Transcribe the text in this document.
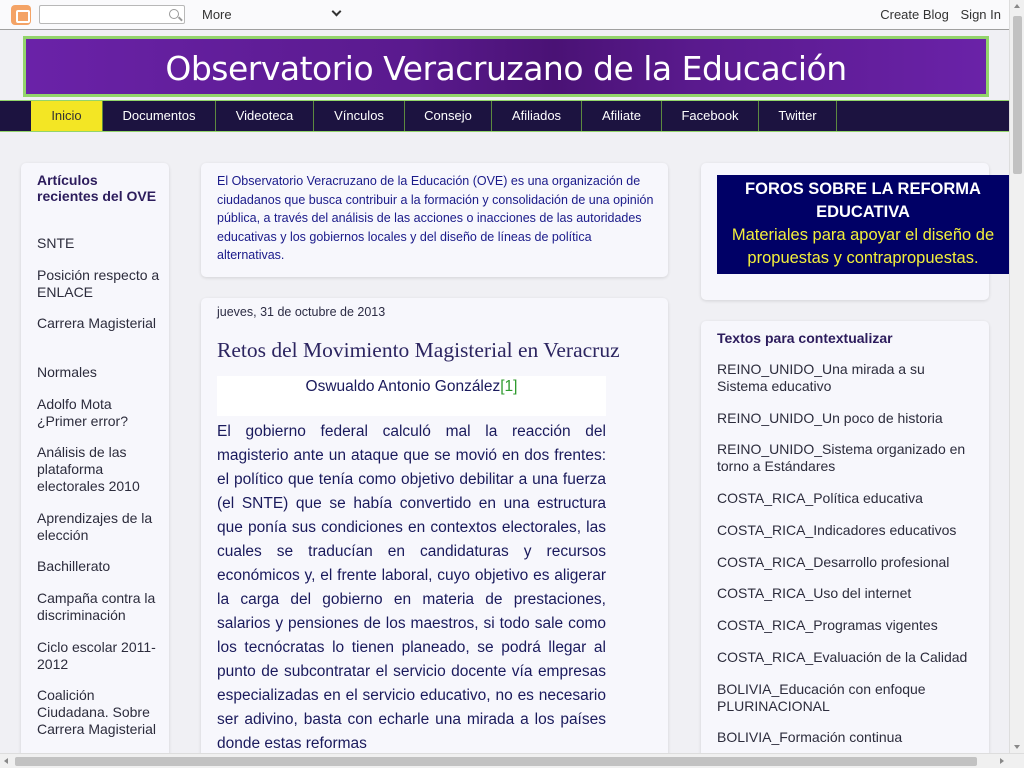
More	Create Blog Sign In
Observatorio Veracruzano de la Educación
Inicio	Documentos	Videoteca	Vínculos	Consejo	Afiliados	Afiliate	Facebook	Twitter
Artículos recientes del OVE
SNTE
Posición respecto a ENLACE
Carrera Magisterial
Normales
Adolfo Mota ¿Primer error?
Análisis de las plataforma electorales 2010
Aprendizajes de la elección
Bachillerato
Campaña contra la discriminación
Ciclo escolar 2011-2012
Coalición Ciudadana. Sobre Carrera Magisterial

El Observatorio Veracruzano de la Educación (OVE) es una organización de ciudadanos que busca contribuir a la formación y consolidación de una opinión pública, a través del análisis de las acciones o inacciones de las autoridades educativas y los gobiernos locales y del diseño de líneas de política alternativas.

jueves, 31 de octubre de 2013
Retos del Movimiento Magisterial en Veracruz
Oswualdo Antonio González[1]
El gobierno federal calculó mal la reacción del magisterio ante un ataque que se movió en dos frentes: el político que tenía como objetivo debilitar a una fuerza (el SNTE) que se había convertido en una estructura que ponía sus condiciones en contextos electorales, las cuales se traducían en candidaturas y recursos económicos y, el frente laboral, cuyo objetivo es aligerar la carga del gobierno en materia de prestaciones, salarios y pensiones de los maestros, si todo sale como los tecnócratas lo tienen planeado, se podrá llegar al punto de subcontratar el servicio docente vía empresas especializadas en el servicio educativo, no es necesario ser adivino, basta con echarle una mirada a los países donde estas reformas
FOROS SOBRE LA REFORMA EDUCATIVA
Materiales para apoyar el diseño de propuestas y contrapropuestas.
Textos para contextualizar
REINO_UNIDO_Una mirada a su Sistema educativo
REINO_UNIDO_Un poco de historia
REINO_UNIDO_Sistema organizado en torno a Estándares
COSTA_RICA_Política educativa
COSTA_RICA_Indicadores educativos
COSTA_RICA_Desarrollo profesional
COSTA_RICA_Uso del internet
COSTA_RICA_Programas vigentes
COSTA_RICA_Evaluación de la Calidad
BOLIVIA_Educación con enfoque PLURINACIONAL
BOLIVIA_Formación continua
